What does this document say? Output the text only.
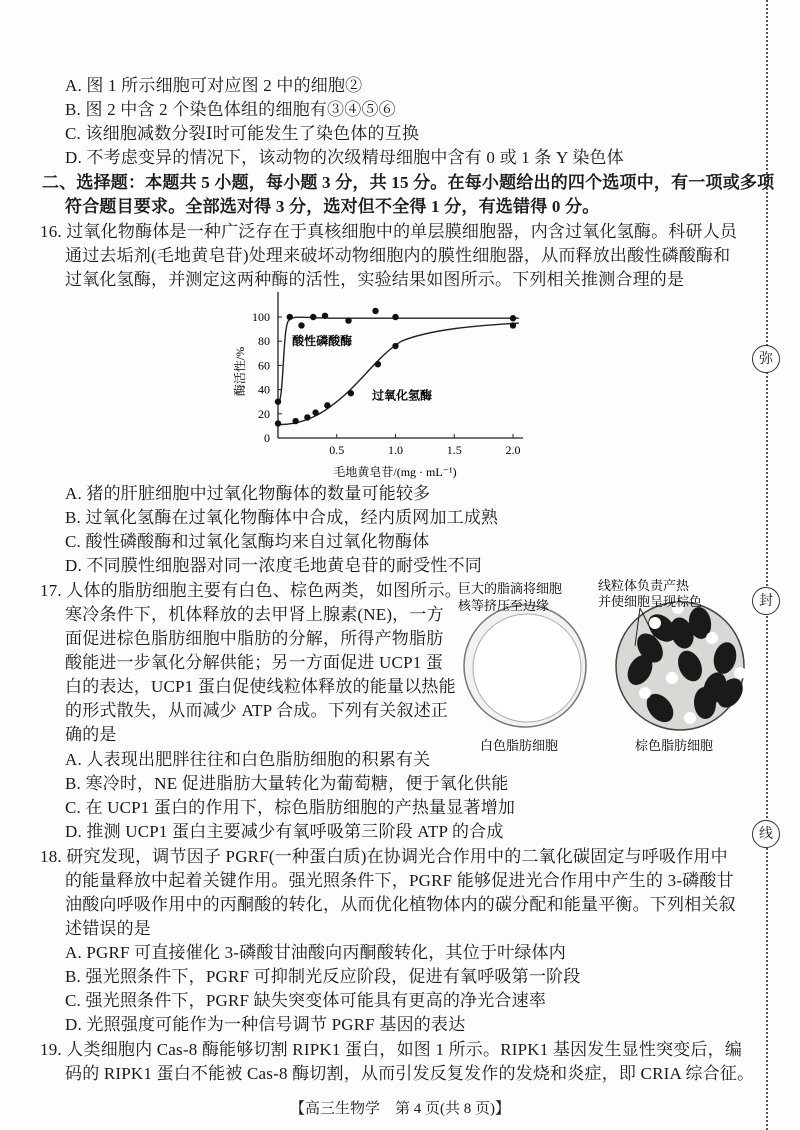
弥
封
线
A. 图 1 所示细胞可对应图 2 中的细胞②
B. 图 2 中含 2 个染色体组的细胞有③④⑤⑥
C. 该细胞减数分裂Ⅰ时可能发生了染色体的互换
D. 不考虑变异的情况下，该动物的次级精母细胞中含有 0 或 1 条 Y 染色体
二、选择题：本题共 5 小题，每小题 3 分，共 15 分。在每小题给出的四个选项中，有一项或多项
符合题目要求。全部选对得 3 分，选对但不全得 1 分，有选错得 0 分。
16. 过氧化物酶体是一种广泛存在于真核细胞中的单层膜细胞器，内含过氧化氢酶。科研人员
通过去垢剂(毛地黄皂苷)处理来破坏动物细胞内的膜性细胞器，从而释放出酸性磷酸酶和
过氧化氢酶，并测定这两种酶的活性，实验结果如图所示。下列相关推测合理的是
A. 猪的肝脏细胞中过氧化物酶体的数量可能较多
B. 过氧化氢酶在过氧化物酶体中合成，经内质网加工成熟
C. 酸性磷酸酶和过氧化氢酶均来自过氧化物酶体
D. 不同膜性细胞器对同一浓度毛地黄皂苷的耐受性不同
17. 人体的脂肪细胞主要有白色、棕色两类，如图所示。
寒冷条件下，机体释放的去甲肾上腺素(NE)，一方
面促进棕色脂肪细胞中脂肪的分解，所得产物脂肪
酸能进一步氧化分解供能；另一方面促进 UCP1 蛋
白的表达，UCP1 蛋白促使线粒体释放的能量以热能
的形式散失，从而减少 ATP 合成。下列有关叙述正
确的是
A. 人表现出肥胖往往和白色脂肪细胞的积累有关
B. 寒冷时，NE 促进脂肪大量转化为葡萄糖，便于氧化供能
C. 在 UCP1 蛋白的作用下，棕色脂肪细胞的产热量显著增加
D. 推测 UCP1 蛋白主要减少有氧呼吸第三阶段 ATP 的合成
18. 研究发现，调节因子 PGRF(一种蛋白质)在协调光合作用中的二氧化碳固定与呼吸作用中
的能量释放中起着关键作用。强光照条件下，PGRF 能够促进光合作用中产生的 3-磷酸甘
油酸向呼吸作用中的丙酮酸的转化，从而优化植物体内的碳分配和能量平衡。下列相关叙
述错误的是
A. PGRF 可直接催化 3-磷酸甘油酸向丙酮酸转化，其位于叶绿体内
B. 强光照条件下，PGRF 可抑制光反应阶段，促进有氧呼吸第一阶段
C. 强光照条件下，PGRF 缺失突变体可能具有更高的净光合速率
D. 光照强度可能作为一种信号调节 PGRF 基因的表达
19. 人类细胞内 Cas-8 酶能够切割 RIPK1 蛋白，如图 1 所示。RIPK1 基因发生显性突变后，编
码的 RIPK1 蛋白不能被 Cas-8 酶切割，从而引发反复发作的发烧和炎症，即 CRIA 综合征。
0.5	1.0	1.5	2.0
0
20
40
60
80
100
毛地黄皂苷/(mg · mL⁻¹)
酶活性/%
酸性磷酸酶
过氧化氢酶
巨大的脂滴将细胞
核等挤压至边缘
线粒体负责产热
并使细胞呈现棕色
白色脂肪细胞	棕色脂肪细胞
【高三生物学　第 4 页(共 8 页)】
